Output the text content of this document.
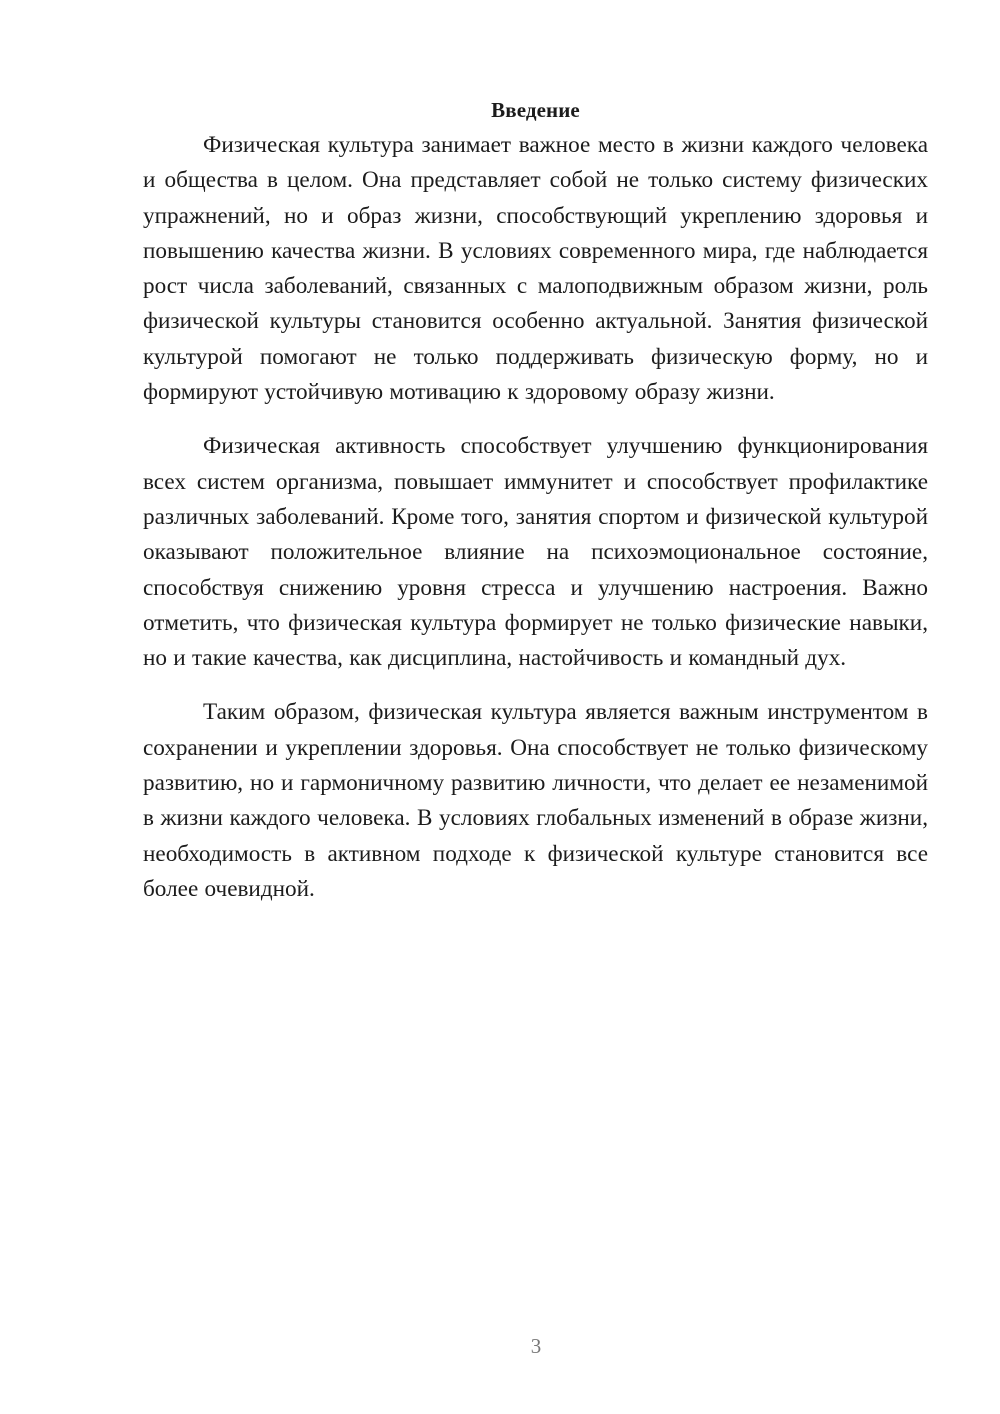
Введение

Физическая культура занимает важное место в жизни каждого человека и общества в целом. Она представляет собой не только систему физических упражнений, но и образ жизни, способствующий укреплению здоровья и повышению качества жизни. В условиях современного мира, где наблюдается рост числа заболеваний, связанных с малоподвижным образом жизни, роль физической культуры становится особенно актуальной. Занятия физической культурой помогают не только поддерживать физическую форму, но и формируют устойчивую мотивацию к здоровому образу жизни.

Физическая активность способствует улучшению функционирования всех систем организма, повышает иммунитет и способствует профилактике различных заболеваний. Кроме того, занятия спортом и физической культурой оказывают положительное влияние на психоэмоциональное состояние, способствуя снижению уровня стресса и улучшению настроения. Важно отметить, что физическая культура формирует не только физические навыки, но и такие качества, как дисциплина, настойчивость и командный дух.

Таким образом, физическая культура является важным инструментом в сохранении и укреплении здоровья. Она способствует не только физическому развитию, но и гармоничному развитию личности, что делает ее незаменимой в жизни каждого человека. В условиях глобальных изменений в образе жизни, необходимость в активном подходе к физической культуре становится все более очевидной.

3
